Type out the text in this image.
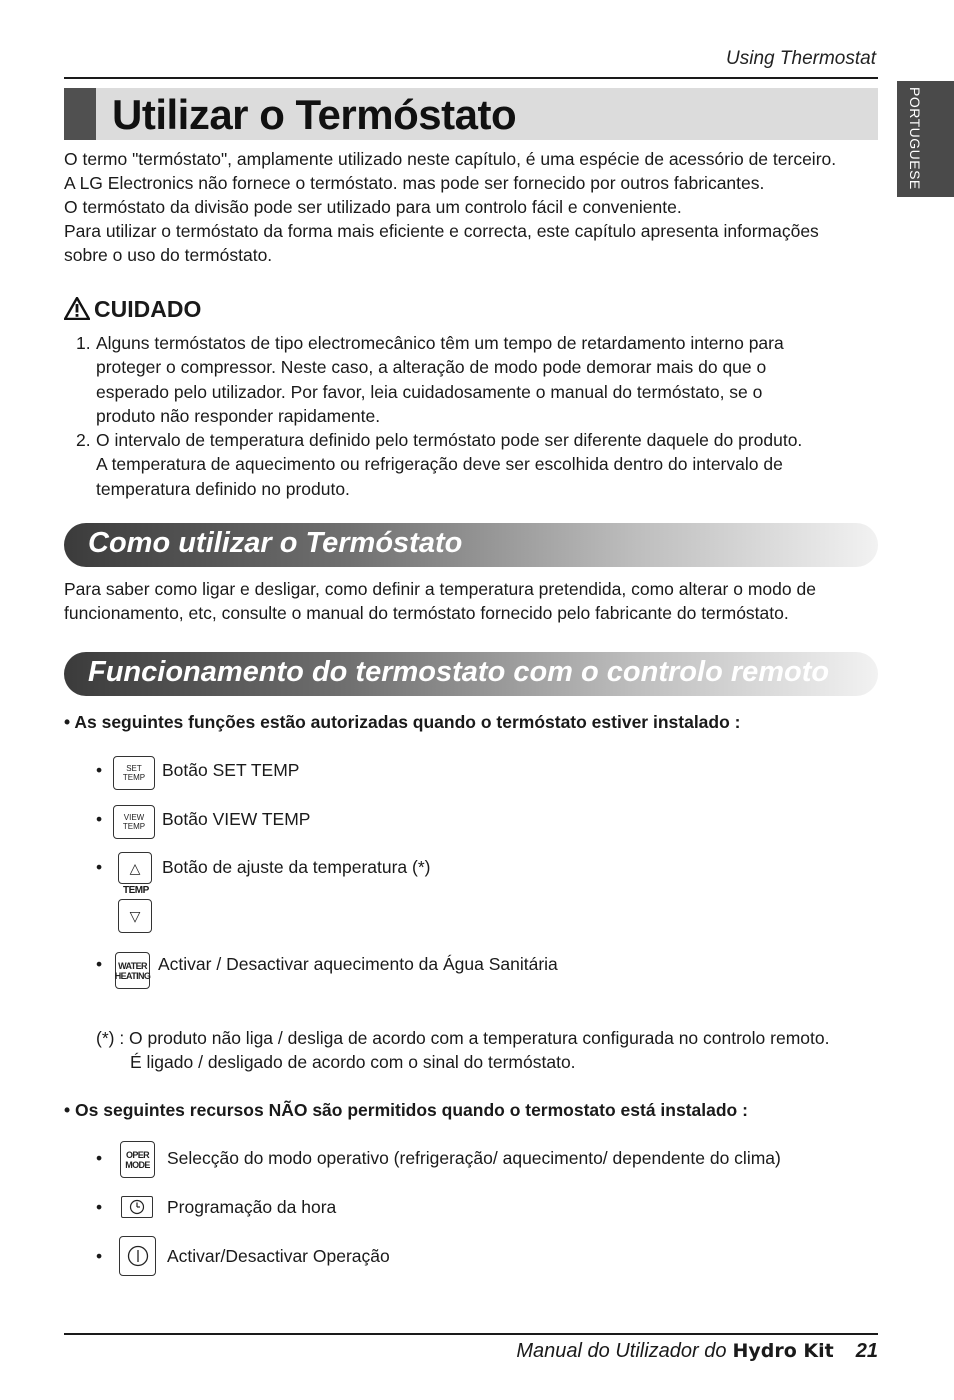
Using Thermostat
PORTUGUESE
Utilizar o Termóstato
O termo "termóstato", amplamente utilizado neste capítulo, é uma espécie de acessório de terceiro.
A LG Electronics não fornece o termóstato. mas pode ser fornecido por outros fabricantes.
O termóstato da divisão pode ser utilizado para um controlo fácil e conveniente.
Para utilizar o termóstato da forma mais eficiente e correcta, este capítulo apresenta informações
sobre o uso do termóstato.
CUIDADO
1. Alguns termóstatos de tipo electromecânico têm um tempo de retardamento interno para
proteger o compressor. Neste caso, a alteração de modo pode demorar mais do que o
esperado pelo utilizador. Por favor, leia cuidadosamente o manual do termóstato, se o
produto não responder rapidamente.
2. O intervalo de temperatura definido pelo termóstato pode ser diferente daquele do produto.
A temperatura de aquecimento ou refrigeração deve ser escolhida dentro do intervalo de
temperatura definido no produto.
Como utilizar o Termóstato
Para saber como ligar e desligar, como definir a temperatura pretendida, como alterar o modo de
funcionamento, etc, consulte o manual do termóstato fornecido pelo fabricante do termóstato.
Funcionamento do termostato com o controlo remoto
• As seguintes funções estão autorizadas quando o termóstato estiver instalado :
•	SET
TEMP Botão SET TEMP
•	VIEW
TEMP Botão VIEW TEMP
•	△
TEMP
▽
Botão de ajuste da temperatura (*)
•	WATER
HEATING
Activar / Desactivar aquecimento da Água Sanitária
(*) : O produto não liga / desliga de acordo com a temperatura configurada no controlo remoto.
É ligado / desligado de acordo com o sinal do termóstato.
• Os seguintes recursos NÃO são permitidos quando o termostato está instalado :
•	OPER
MODE Selecção do modo operativo (refrigeração/ aquecimento/ dependente do clima)
•	Programação da hora
•	Activar/Desactivar Operação
Manual do Utilizador do Hydro Kit 21
